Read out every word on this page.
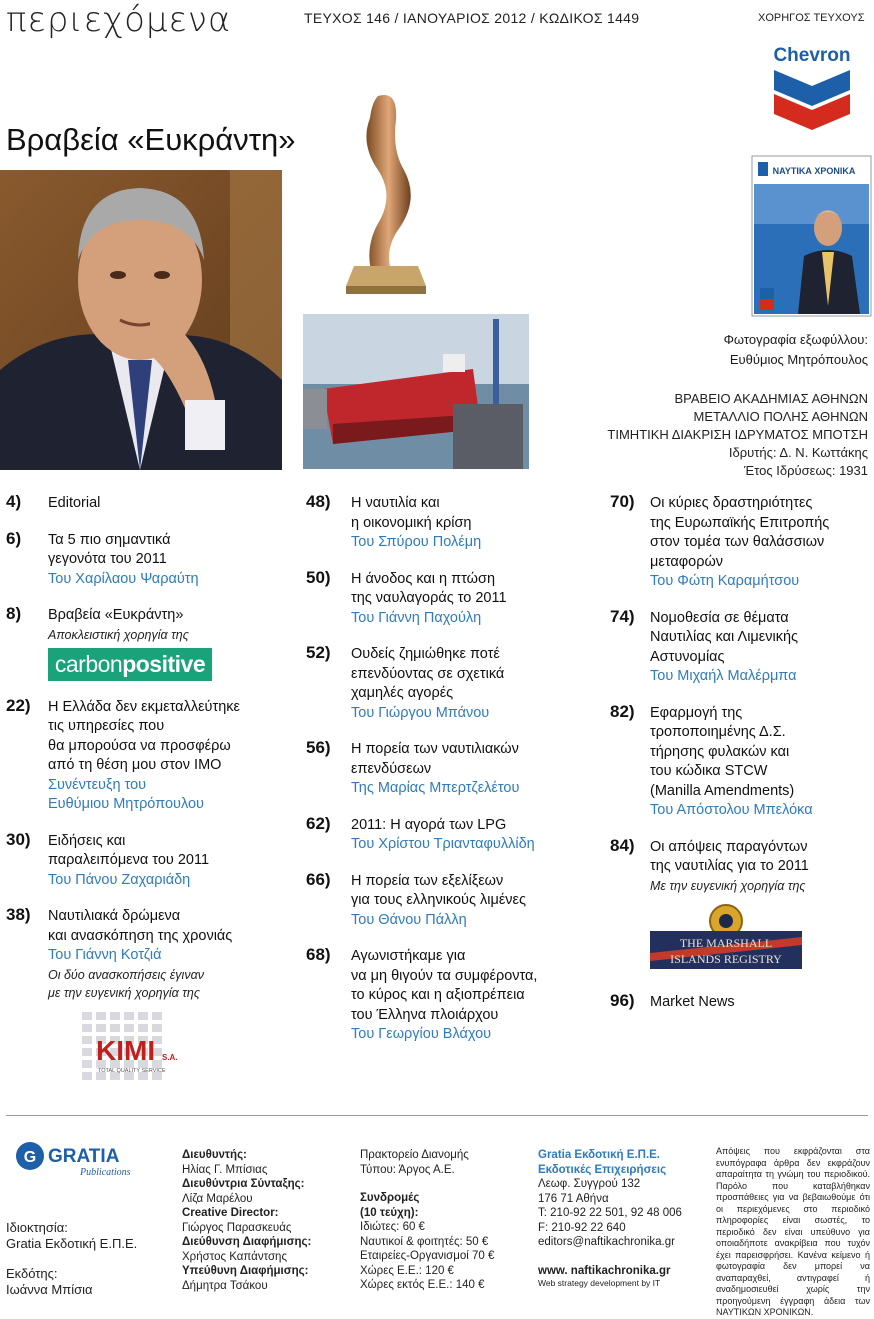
περιεχόμενα	ΤΕΥΧΟΣ 146 / ΙΑΝΟΥΑΡΙΟΣ 2012 / ΚΩΔΙΚΟΣ 1449	ΧΟΡΗΓΟΣ ΤΕΥΧΟΥΣ
Chevron
Βραβεία «Ευκράντη»
ΝΑΥΤΙΚΑ ΧΡΟΝΙΚΑ
Φωτογραφία εξωφύλλου:
Ευθύμιος Μητρόπουλος
ΒΡΑΒΕΙΟ ΑΚΑΔΗΜΙΑΣ ΑΘΗΝΩΝ
ΜΕΤΑΛΛΙΟ ΠΟΛΗΣ ΑΘΗΝΩΝ
ΤΙΜΗΤΙΚΗ ΔΙΑΚΡΙΣΗ ΙΔΡΥΜΑΤΟΣ ΜΠΟΤΣΗ
Ιδρυτής: Δ. Ν. Κωττάκης
Έτος Ιδρύσεως: 1931
4) Editorial
6) Τα 5 πιο σημαντικά
γεγονότα του 2011
Του Χαρίλαου Ψαραύτη
8) Βραβεία «Ευκράντη»
Αποκλειστική χορηγία της
carbonpositive
22) Η Ελλάδα δεν εκμεταλλεύτηκε
τις υπηρεσίες που
θα μπορούσα να προσφέρω
από τη θέση μου στον ΙΜΟ
Συνέντευξη του
Ευθύμιου Μητρόπουλου
30) Ειδήσεις και
παραλειπόμενα του 2011
Του Πάνου Ζαχαριάδη
38) Ναυτιλιακά δρώμενα
και ανασκόπηση της χρονιάς
Του Γιάννη Κοτζιά
Οι δύο ανασκοπήσεις έγιναν
με την ευγενική χορηγία της
KIMI S.A.
TOTAL QUALITY SERVICE
48) Η ναυτιλία και
η οικονομική κρίση
Του Σπύρου Πολέμη
50) Η άνοδος και η πτώση
της ναυλαγοράς το 2011
Του Γιάννη Παχούλη
52) Ουδείς ζημιώθηκε ποτέ
επενδύοντας σε σχετικά
χαμηλές αγορές
Του Γιώργου Μπάνου
56) Η πορεία των ναυτιλιακών
επενδύσεων
Της Μαρίας Μπερτζελέτου
62) 2011: Η αγορά των LPG
Του Χρίστου Τριανταφυλλίδη
66) Η πορεία των εξελίξεων
για τους ελληνικούς λιμένες
Του Θάνου Πάλλη
68) Αγωνιστήκαμε για
να μη θιγούν τα συμφέροντα,
το κύρος και η αξιοπρέπεια
του Έλληνα πλοιάρχου
Του Γεωργίου Βλάχου
70) Οι κύριες δραστηριότητες
της Ευρωπαϊκής Επιτροπής
στον τομέα των θαλάσσιων
μεταφορών
Του Φώτη Καραμήτσου
74) Νομοθεσία σε θέματα
Ναυτιλίας και Λιμενικής
Αστυνομίας
Του Μιχαήλ Μαλέρμπα
82) Εφαρμογή της
τροποποιημένης Δ.Σ.
τήρησης φυλακών και
του κώδικα STCW
(Manilla Amendments)
Του Απόστολου Μπελόκα
84) Οι απόψεις παραγόντων
της ναυτιλίας για το 2011
Με την ευγενική χορηγία της
THE MARSHALL
ISLANDS REGISTRY
96) Market News
G GRATIA
Publications
Ιδιοκτησία:
Gratia Εκδοτική Ε.Π.Ε.
Εκδότης:
Ιωάννα Μπίσια
Διευθυντής:
Ηλίας Γ. Μπίσιας
Διευθύντρια Σύνταξης:
Λίζα Μαρέλου
Creative Director:
Γιώργος Παρασκευάς
Διεύθυνση Διαφήμισης:
Χρήστος Καπάντσης
Υπεύθυνη Διαφήμισης:
Δήμητρα Τσάκου
Πρακτορείο Διανομής
Τύπου: Άργος Α.Ε.
Συνδρομές
(10 τεύχη):
Ιδιώτες: 60 €
Ναυτικοί & φοιτητές: 50 €
Εταιρείες-Οργανισμοί 70 €
Χώρες Ε.Ε.: 120 €
Χώρες εκτός Ε.Ε.: 140 €
Gratia Εκδοτική Ε.Π.Ε.
Εκδοτικές Επιχειρήσεις
Λεωφ. Συγγρού 132
176 71 Αθήνα
Τ: 210-92 22 501, 92 48 006
F: 210-92 22 640
editors@naftikachronika.gr
www. naftikachronika.gr
Web strategy development by IT
Απόψεις που εκφράζονται στα ενυπόγραφα άρθρα δεν εκφράζουν απαραίτητα τη γνώμη του περιοδικού. Παρόλο που καταβλήθηκαν προσπάθειες για να βεβαιωθούμε ότι οι περιεχόμενες στο περιοδικό πληροφορίες είναι σωστές, το περιοδικό δεν είναι υπεύθυνο για οποιαδήποτε ανακρίβεια που τυχόν έχει παρεισφρήσει. Κανένα κείμενο ή φωτογραφία δεν μπορεί να αναπαραχθεί, αντιγραφεί ή αναδημοσιευθεί χωρίς την προηγούμενη έγγραφη άδεια των ΝΑΥΤΙΚΩΝ ΧΡΟΝΙΚΩΝ.
